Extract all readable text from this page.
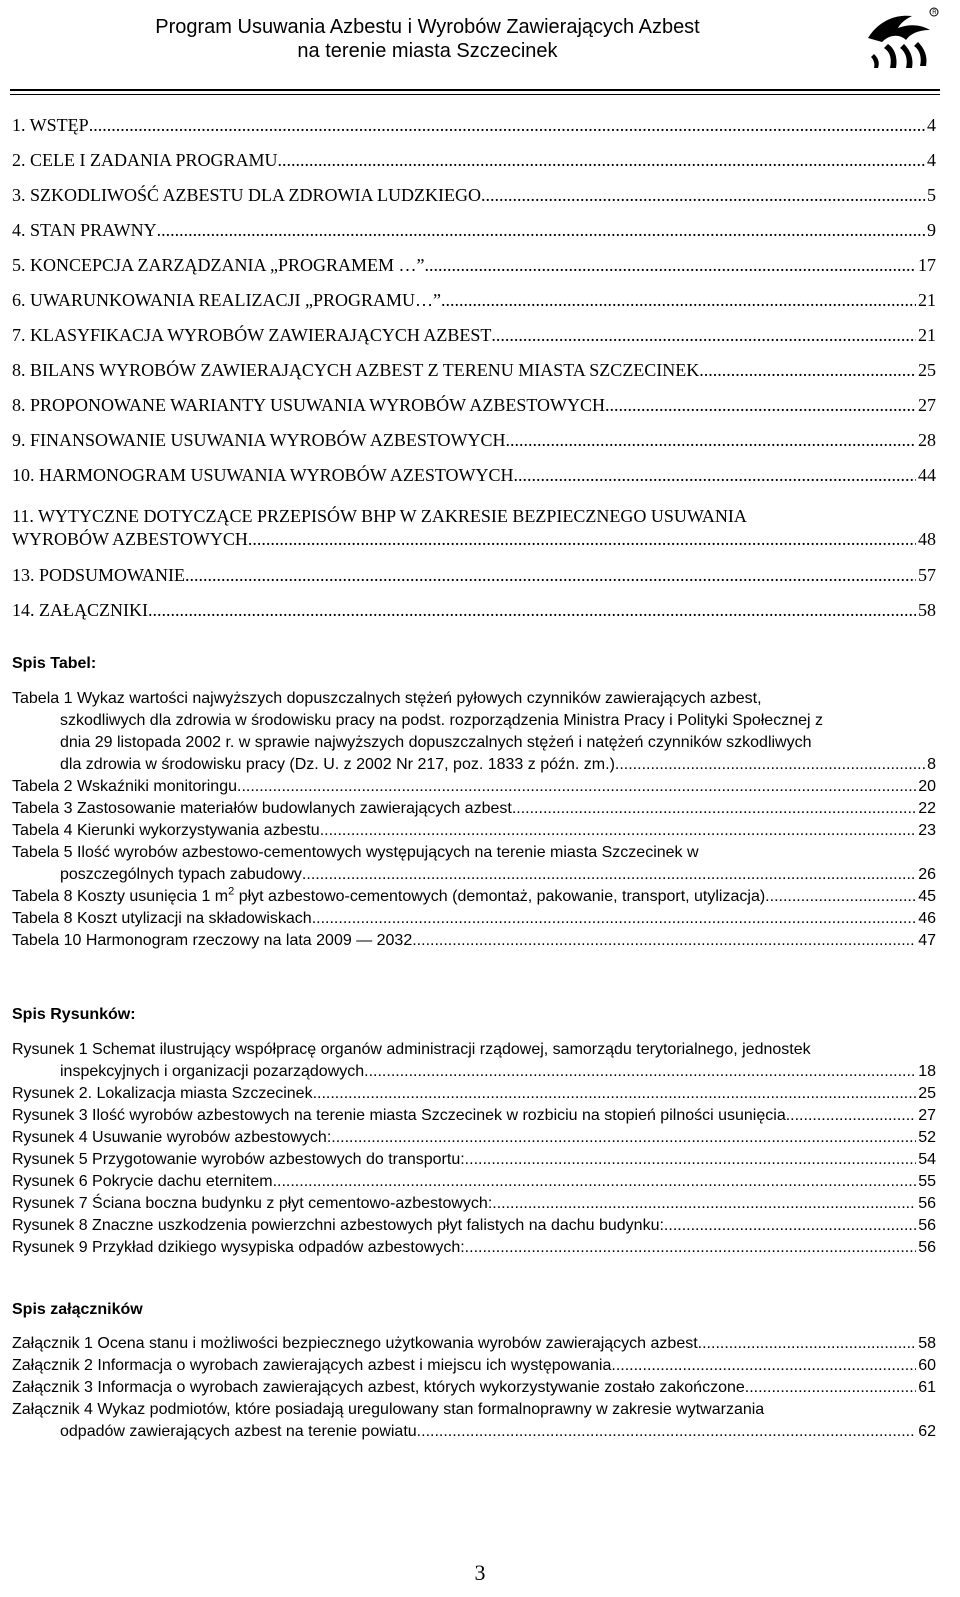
Program Usuwania Azbestu i Wyrobów Zawierających Azbest
na terenie miasta Szczecinek
R
1. WSTĘP .....	4
2. CELE I ZADANIA PROGRAMU .....	4
3. SZKODLIWOŚĆ AZBESTU DLA ZDROWIA LUDZKIEGO .....	5
4. STAN PRAWNY .....	9
5. KONCEPCJA ZARZĄDZANIA „PROGRAMEM …” .....	17
6. UWARUNKOWANIA REALIZACJI „PROGRAMU…” .....	21
7. KLASYFIKACJA WYROBÓW ZAWIERAJĄCYCH AZBEST .....	21
8. BILANS WYROBÓW ZAWIERAJĄCYCH AZBEST Z TERENU MIASTA SZCZECINEK .....	25
8. PROPONOWANE WARIANTY USUWANIA WYROBÓW AZBESTOWYCH .....	27
9. FINANSOWANIE USUWANIA WYROBÓW AZBESTOWYCH .....	28
10. HARMONOGRAM USUWANIA WYROBÓW AZESTOWYCH .....	44
11. WYTYCZNE DOTYCZĄCE PRZEPISÓW BHP W ZAKRESIE BEZPIECZNEGO USUWANIA
WYROBÓW AZBESTOWYCH .....	48
13. PODSUMOWANIE .....	57
14. ZAŁĄCZNIKI .....	58
Spis Tabel:
Tabela 1 Wykaz wartości najwyższych dopuszczalnych stężeń pyłowych czynników zawierających azbest,
szkodliwych dla zdrowia w środowisku pracy na podst. rozporządzenia Ministra Pracy i Polityki Społecznej z
dnia 29 listopada 2002 r. w sprawie najwyższych dopuszczalnych stężeń i natężeń czynników szkodliwych
dla zdrowia w środowisku pracy (Dz. U. z 2002 Nr 217, poz. 1833 z późn. zm.). .....	8
Tabela 2 Wskaźniki monitoringu .....	20
Tabela 3 Zastosowanie materiałów budowlanych zawierających azbest .....	22
Tabela 4 Kierunki wykorzystywania azbestu .....	23
Tabela 5 Ilość wyrobów azbestowo-cementowych występujących na terenie miasta Szczecinek w
poszczególnych typach zabudowy .....	26
Tabela 8 Koszty usunięcia 1 $m^2$ płyt azbestowo-cementowych (demontaż, pakowanie, transport, utylizacja) .....	45
Tabela 8 Koszt utylizacji na składowiskach .....	46
Tabela 10 Harmonogram rzeczowy na lata 2009 — 2032 .....	47
Spis Rysunków:
Rysunek 1 Schemat ilustrujący współpracę organów administracji rządowej, samorządu terytorialnego, jednostek
inspekcyjnych i organizacji pozarządowych. .....	18
Rysunek 2. Lokalizacja miasta Szczecinek .....	25
Rysunek 3 Ilość wyrobów azbestowych na terenie miasta Szczecinek w rozbiciu na stopień pilności usunięcia. .....	27
Rysunek 4 Usuwanie wyrobów azbestowych: .....	52
Rysunek 5 Przygotowanie wyrobów azbestowych do transportu: .....	54
Rysunek 6 Pokrycie dachu eternitem .....	55
Rysunek 7 Ściana boczna budynku z płyt cementowo-azbestowych: .....	56
Rysunek 8 Znaczne uszkodzenia powierzchni azbestowych płyt falistych na dachu budynku: .....	56
Rysunek 9 Przykład dzikiego wysypiska odpadów azbestowych: .....	56
Spis załączników
Załącznik 1 Ocena stanu i możliwości bezpiecznego użytkowania wyrobów zawierających azbest .....	58
Załącznik 2 Informacja o wyrobach zawierających azbest i miejscu ich występowania .....	60
Załącznik 3 Informacja o wyrobach zawierających azbest, których wykorzystywanie zostało zakończone .....	61
Załącznik 4 Wykaz podmiotów, które posiadają uregulowany stan formalnoprawny w zakresie wytwarzania
odpadów zawierających azbest na terenie powiatu .....	62
3
